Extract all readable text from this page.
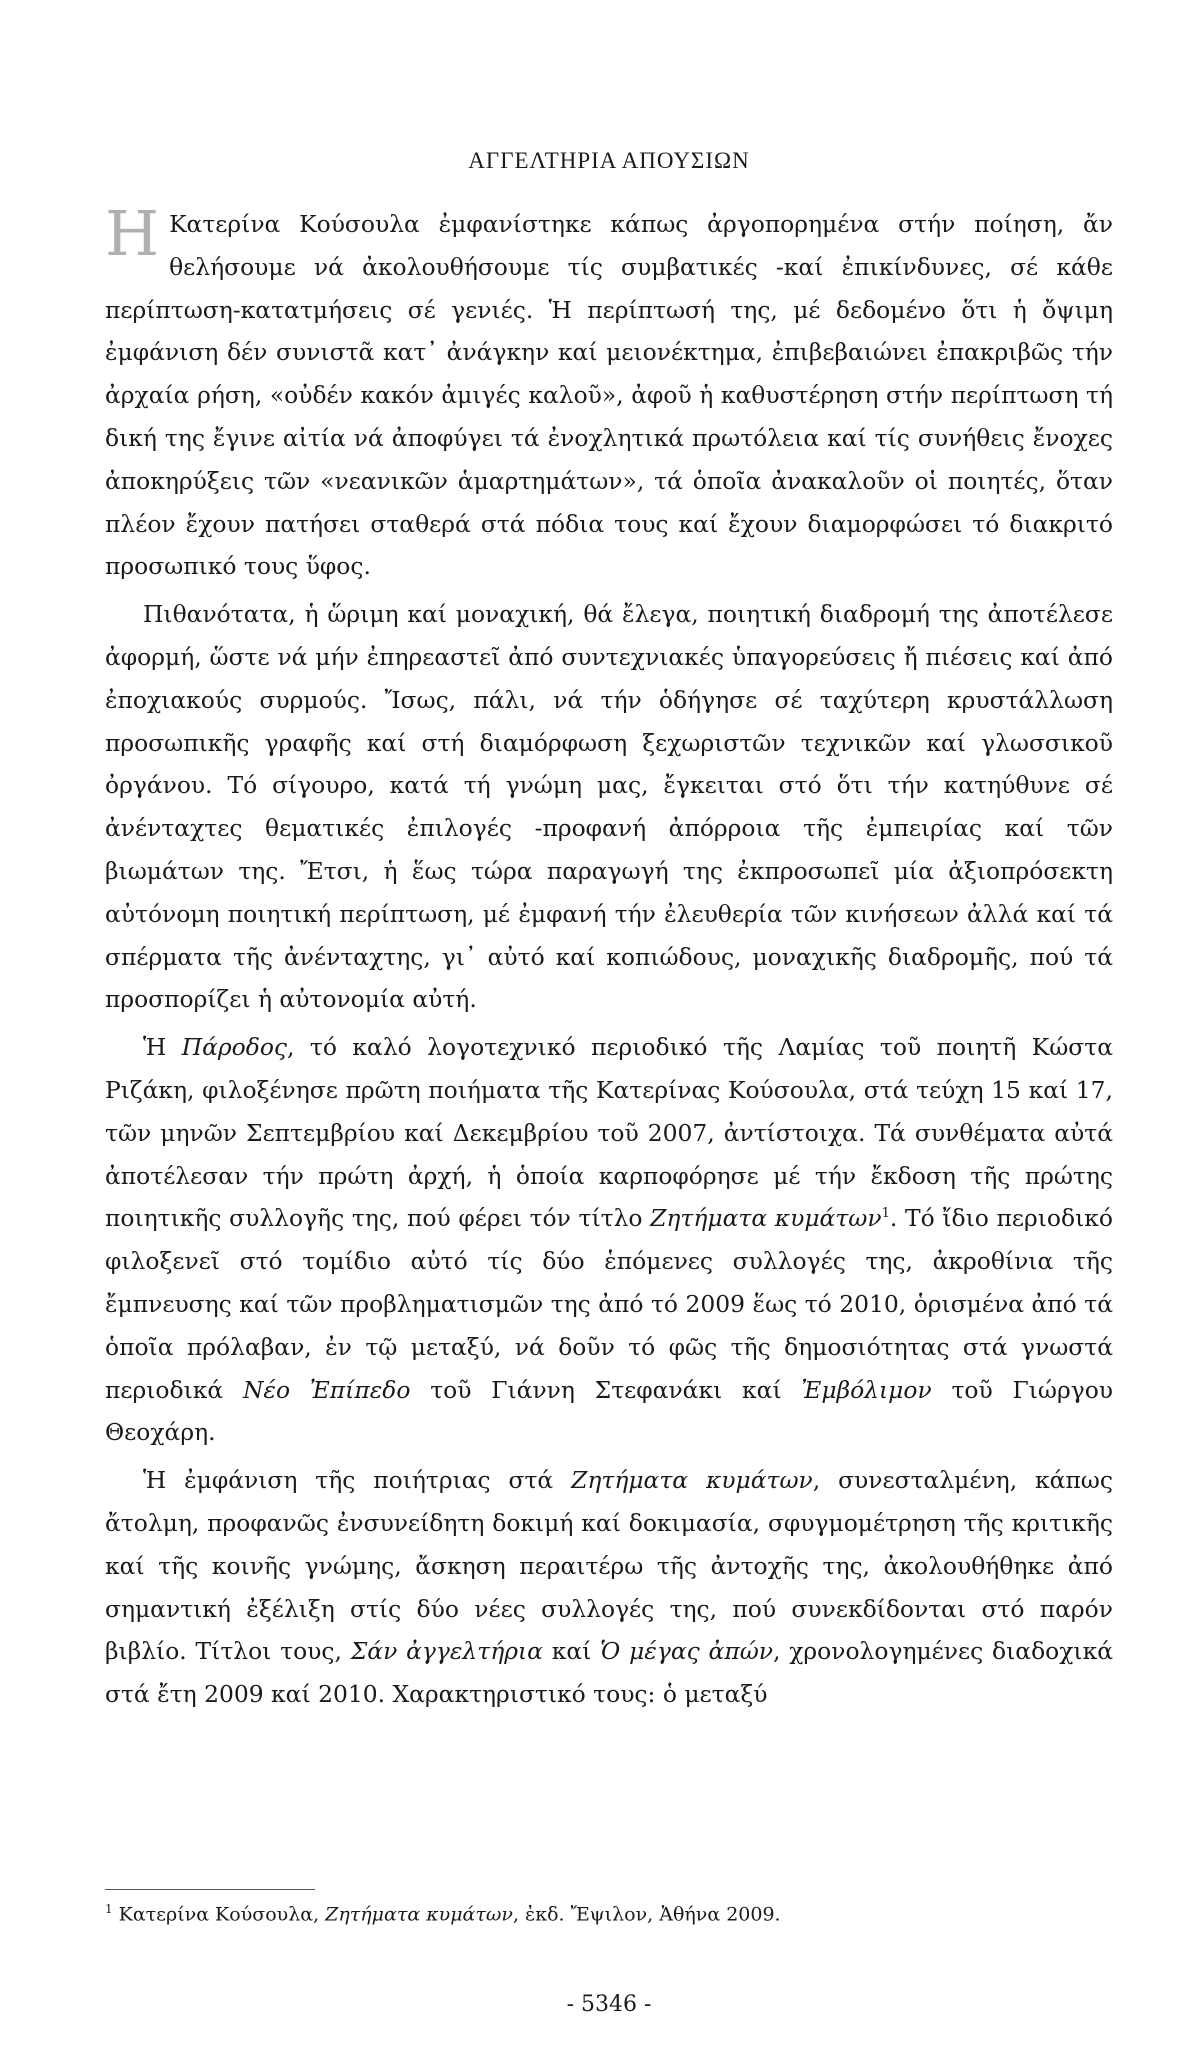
ΑΓΓΕΛΤΗΡΙΑ ΑΠΟΥΣΙΩΝ

Η Κατερίνα Κούσουλα ἐμφανίστηκε κάπως ἀργοπορημένα στήν ποίηση, ἄν θελήσουμε νά ἀκολουθήσουμε τίς συμβατικές -καί ἐπικίνδυνες, σέ κάθε περίπτωση-κατατμήσεις σέ γενιές. Ἡ περίπτωσή της, μέ δεδομένο ὅτι ἡ ὄψιμη ἐμφάνιση δέν συνιστᾶ κατ᾽ ἀνάγκην καί μειονέκτημα, ἐπιβεβαιώνει ἐπακριβῶς τήν ἀρχαία ρήση, «οὐδέν κακόν ἀμιγές καλοῦ», ἀφοῦ ἡ καθυστέρηση στήν περίπτωση τή δική της ἔγινε αἰτία νά ἀποφύγει τά ἐνοχλητικά πρωτόλεια καί τίς συνήθεις ἔνοχες ἀποκηρύξεις τῶν «νεανικῶν ἁμαρτημάτων», τά ὁποῖα ἀνακαλοῦν οἱ ποιητές, ὅταν πλέον ἔχουν πατήσει σταθερά στά πόδια τους καί ἔχουν διαμορφώσει τό διακριτό προσωπικό τους ὕφος.

Πιθανότατα, ἡ ὥριμη καί μοναχική, θά ἔλεγα, ποιητική διαδρομή της ἀποτέλεσε ἀφορμή, ὥστε νά μήν ἐπηρεαστεῖ ἀπό συντεχνιακές ὑπαγορεύσεις ἤ πιέσεις καί ἀπό ἐποχιακούς συρμούς. Ἴσως, πάλι, νά τήν ὁδήγησε σέ ταχύτερη κρυστάλλωση προσωπικῆς γραφῆς καί στή διαμόρφωση ξεχωριστῶν τεχνικῶν καί γλωσσικοῦ ὀργάνου. Τό σίγουρο, κατά τή γνώμη μας, ἔγκειται στό ὅτι τήν κατηύθυνε σέ ἀνένταχτες θεματικές ἐπιλογές -προφανή ἀπόρροια τῆς ἐμπειρίας καί τῶν βιωμάτων της. Ἔτσι, ἡ ἕως τώρα παραγωγή της ἐκπροσωπεῖ μία ἀξιοπρόσεκτη αὐτόνομη ποιητική περίπτωση, μέ ἐμφανή τήν ἐλευθερία τῶν κινήσεων ἀλλά καί τά σπέρματα τῆς ἀνένταχτης, γι᾽ αὐτό καί κοπιώδους, μοναχικῆς διαδρομῆς, πού τά προσπορίζει ἡ αὐτονομία αὐτή.

Ἡ Πάροδος, τό καλό λογοτεχνικό περιοδικό τῆς Λαμίας τοῦ ποιητῆ Κώστα Ριζάκη, φιλοξένησε πρῶτη ποιήματα τῆς Κατερίνας Κούσουλα, στά τεύχη 15 καί 17, τῶν μηνῶν Σεπτεμβρίου καί Δεκεμβρίου τοῦ 2007, ἀντίστοιχα. Τά συνθέματα αὐτά ἀποτέλεσαν τήν πρώτη ἀρχή, ἡ ὁποία καρποφόρησε μέ τήν ἔκδοση τῆς πρώτης ποιητικῆς συλλογῆς της, πού φέρει τόν τίτλο Ζητήματα κυμάτων$^1$. Τό ἴδιο περιοδικό φιλοξενεῖ στό τομίδιο αὐτό τίς δύο ἑπόμενες συλλογές της, ἀκροθίνια τῆς ἔμπνευσης καί τῶν προβληματισμῶν της ἀπό τό 2009 ἕως τό 2010, ὁρισμένα ἀπό τά ὁποῖα πρόλαβαν, ἐν τῷ μεταξύ, νά δοῦν τό φῶς τῆς δημοσιότητας στά γνωστά περιοδικά Νέο Ἐπίπεδο τοῦ Γιάννη Στεφανάκι καί Ἐμβόλιμον τοῦ Γιώργου Θεοχάρη.

Ἡ ἐμφάνιση τῆς ποιήτριας στά Ζητήματα κυμάτων, συνεσταλμένη, κάπως ἄτολμη, προφανῶς ἐνσυνείδητη δοκιμή καί δοκιμασία, σφυγμομέτρηση τῆς κριτικῆς καί τῆς κοινῆς γνώμης, ἄσκηση περαιτέρω τῆς ἀντοχῆς της, ἀκολουθήθηκε ἀπό σημαντική ἐξέλιξη στίς δύο νέες συλλογές της, πού συνεκδίδονται στό παρόν βιβλίο. Τίτλοι τους, Σάν ἀγγελτήρια καί Ὁ μέγας ἀπών, χρονολογημένες διαδοχικά στά ἔτη 2009 καί 2010. Χαρακτηριστικό τους: ὁ μεταξύ

$^1$ Κατερίνα Κούσουλα, Ζητήματα κυμάτων, ἐκδ. Ἔψιλον, Ἀθήνα 2009.
- 5346 -
